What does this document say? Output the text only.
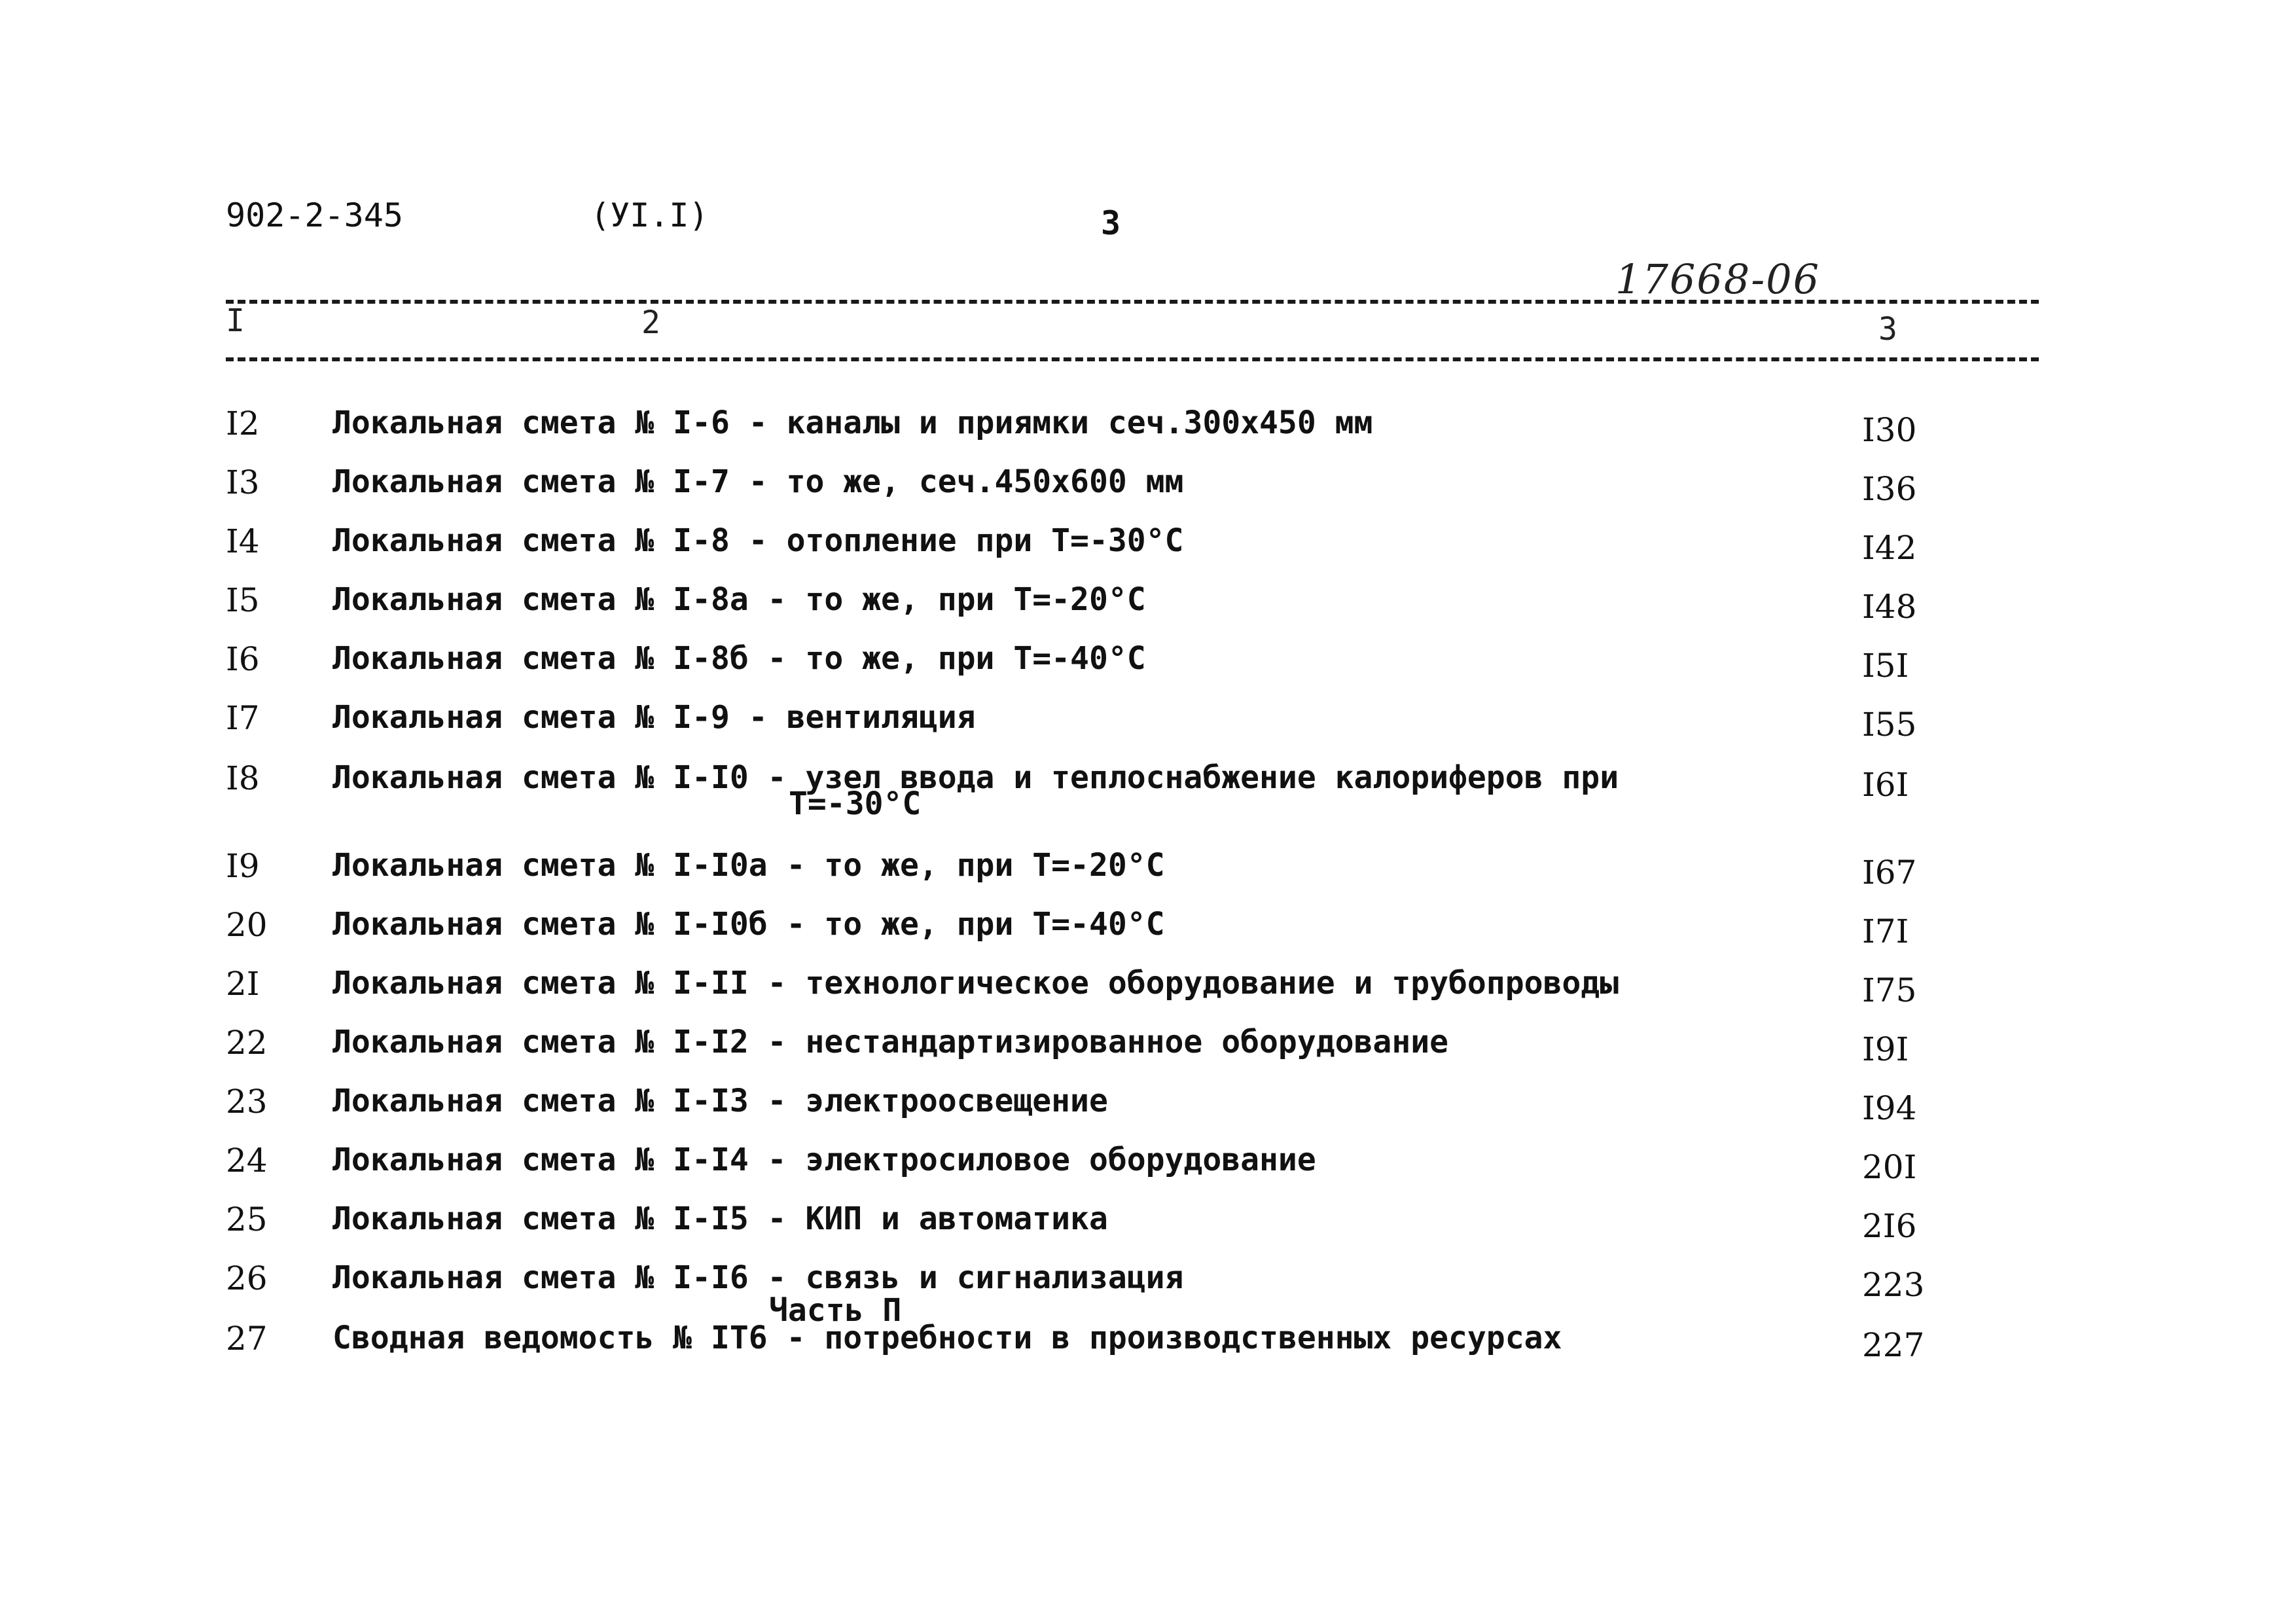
902-2-345	(УI.I)	3
17668-06
I	2	3
I2 Локальная смета № I-6 - каналы и приямки сеч.300х450 мм	I30
I3 Локальная смета № I-7 - то же, сеч.450х600 мм	I36
I4 Локальная смета № I-8 - отопление при Т=-30°С	I42
I5 Локальная смета № I-8а - то же, при Т=-20°С	I48
I6 Локальная смета № I-8б - то же, при Т=-40°С	I5I
I7 Локальная смета № I-9 - вентиляция	I55
I8 Локальная смета № I-I0 - узел ввода и теплоснабжение калориферов при
Т=-30°С	I6I
I9 Локальная смета № I-I0а - то же, при Т=-20°С	I67
20 Локальная смета № I-I0б - то же, при Т=-40°С	I7I
2I Локальная смета № I-II - технологическое оборудование и трубопроводы	I75
22 Локальная смета № I-I2 - нестандартизированное оборудование	I9I
23 Локальная смета № I-I3 - электроосвещение	I94
24 Локальная смета № I-I4 - электросиловое оборудование	20I
25 Локальная смета № I-I5 - КИП и автоматика	2I6
26 Локальная смета № I-I6 - связь и сигнализация	223
Часть П
27 Сводная ведомость № IТ6 - потребности в производственных ресурсах	227
